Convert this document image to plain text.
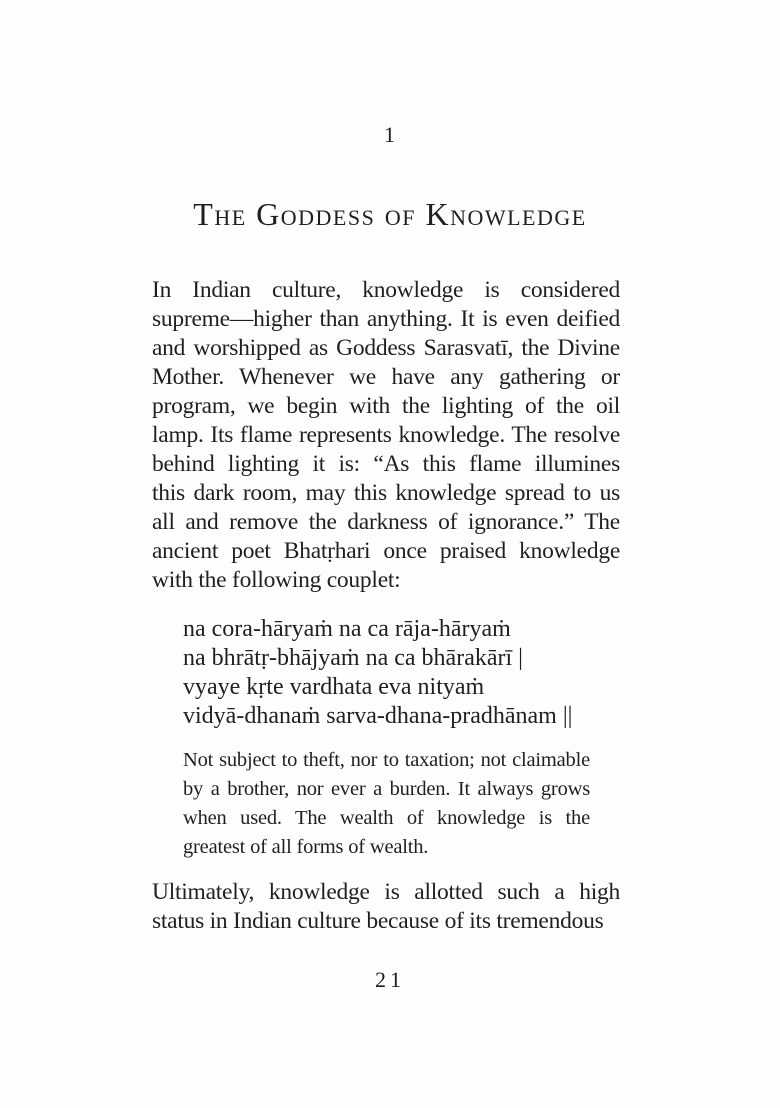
1
The Goddess of Knowledge
In Indian culture, knowledge is considered
supreme—higher than anything. It is even deified
and worshipped as Goddess Sarasvatī, the Divine
Mother. Whenever we have any gathering or
program, we begin with the lighting of the oil
lamp. Its flame represents knowledge. The resolve
behind lighting it is: “As this flame illumines
this dark room, may this knowledge spread to us
all and remove the darkness of ignorance.” The
ancient poet Bhatṛhari once praised knowledge
with the following couplet:
na cora-hāryaṁ na ca rāja-hāryaṁ
na bhrātṛ-bhājyaṁ na ca bhārakārī |
vyaye kṛte vardhata eva nityaṁ
vidyā-dhanaṁ sarva-dhana-pradhānam ||
Not subject to theft, nor to taxation; not claimable
by a brother, nor ever a burden. It always grows
when used. The wealth of knowledge is the
greatest of all forms of wealth.
Ultimately, knowledge is allotted such a high
status in Indian culture because of its tremendous
21
